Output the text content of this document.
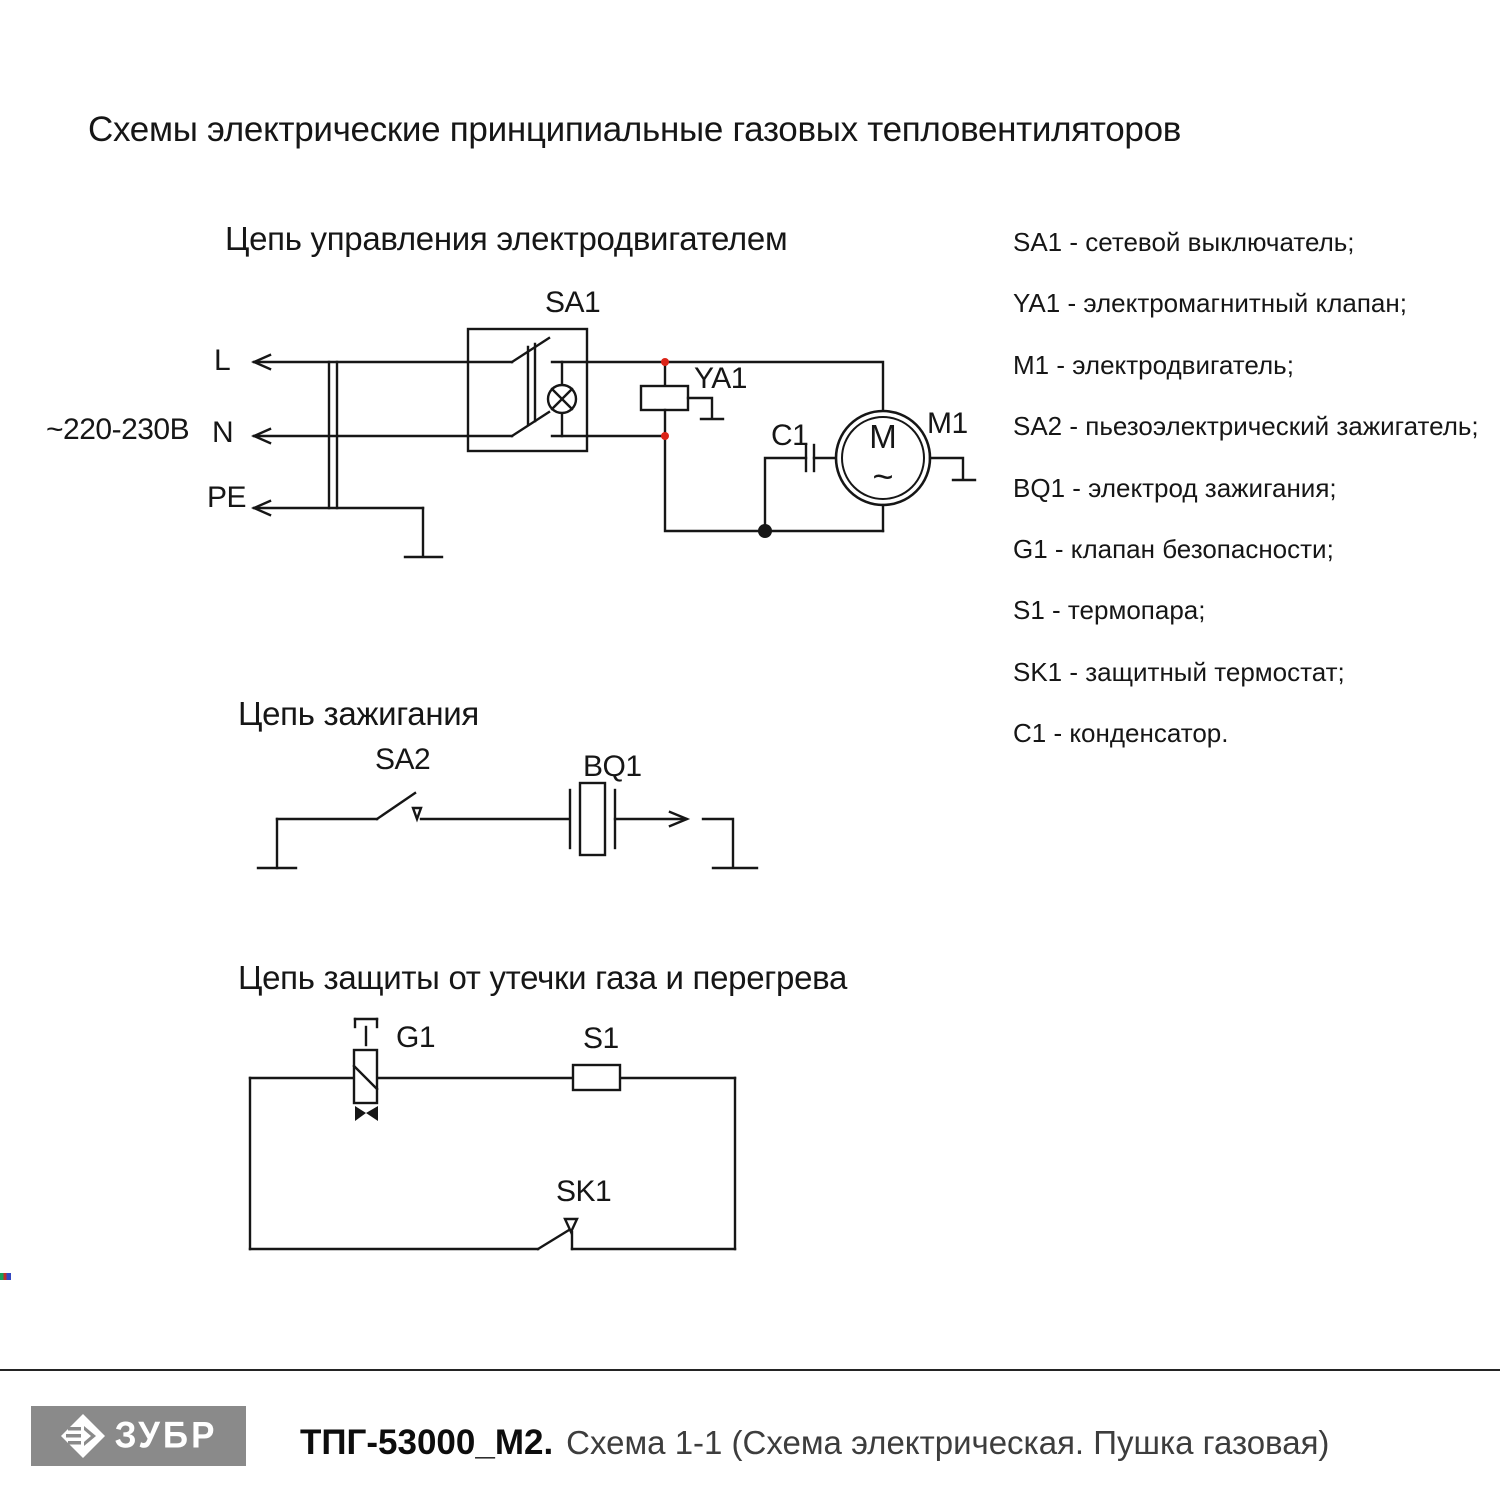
Схемы электрические принципиальные газовых тепловентиляторов
Цепь управления электродвигателем
Цепь зажигания
Цепь защиты от утечки газа и перегрева
SA1 - сетевой выключатель;
YA1 - электромагнитный клапан;
M1 - электродвигатель;
SA2 - пьезоэлектрический зажигатель;
BQ1 - электрод зажигания;
G1 - клапан безопасности;
S1 - термопара;
SK1 - защитный термостат;
C1 - конденсатор.
~220-230В
L
N
PE
SA1
YA1
C1	M1
M
~
SA2	BQ1
G1	S1
SK1
ЗУБР ТПГ-53000_М2. Схема 1-1 (Схема электрическая. Пушка газовая)
